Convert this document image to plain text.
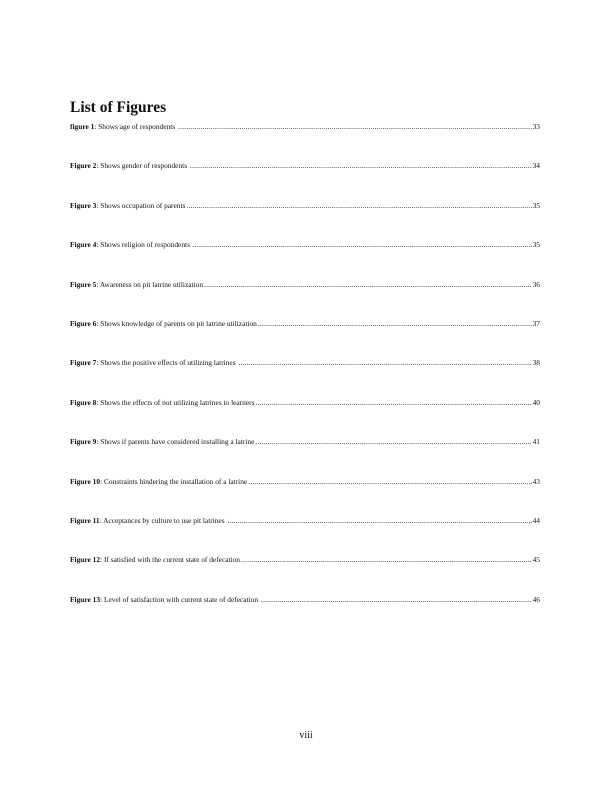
List of Figures
figure 1 : Shows age of respondents .....	33
Figure 2 : Shows gender of respondents .....	34
Figure 3 : Shows occupation of parents .....	35
Figure 4 : Shows religion of respondents .....	35
Figure 5 : Awareness on pit latrine utilization .....	36
Figure 6 : Shows knowledge of parents on pit latrine utilization .....	37
Figure 7 : Shows the positive effects of utilizing latrines .....	38
Figure 8 : Shows the effects of not utilizing latrines to learners .....	40
Figure 9 : Shows if parents have considered installing a latrine .....	41
Figure 10 : Constraints hindering the installation of a latrine .....	43
Figure 11 : Acceptances by culture to use pit latrines .....	44
Figure 12 : If satisfied with the current state of defecation .....	45
Figure 13 : Level of satisfaction with current state of defecation .....	46
viii
